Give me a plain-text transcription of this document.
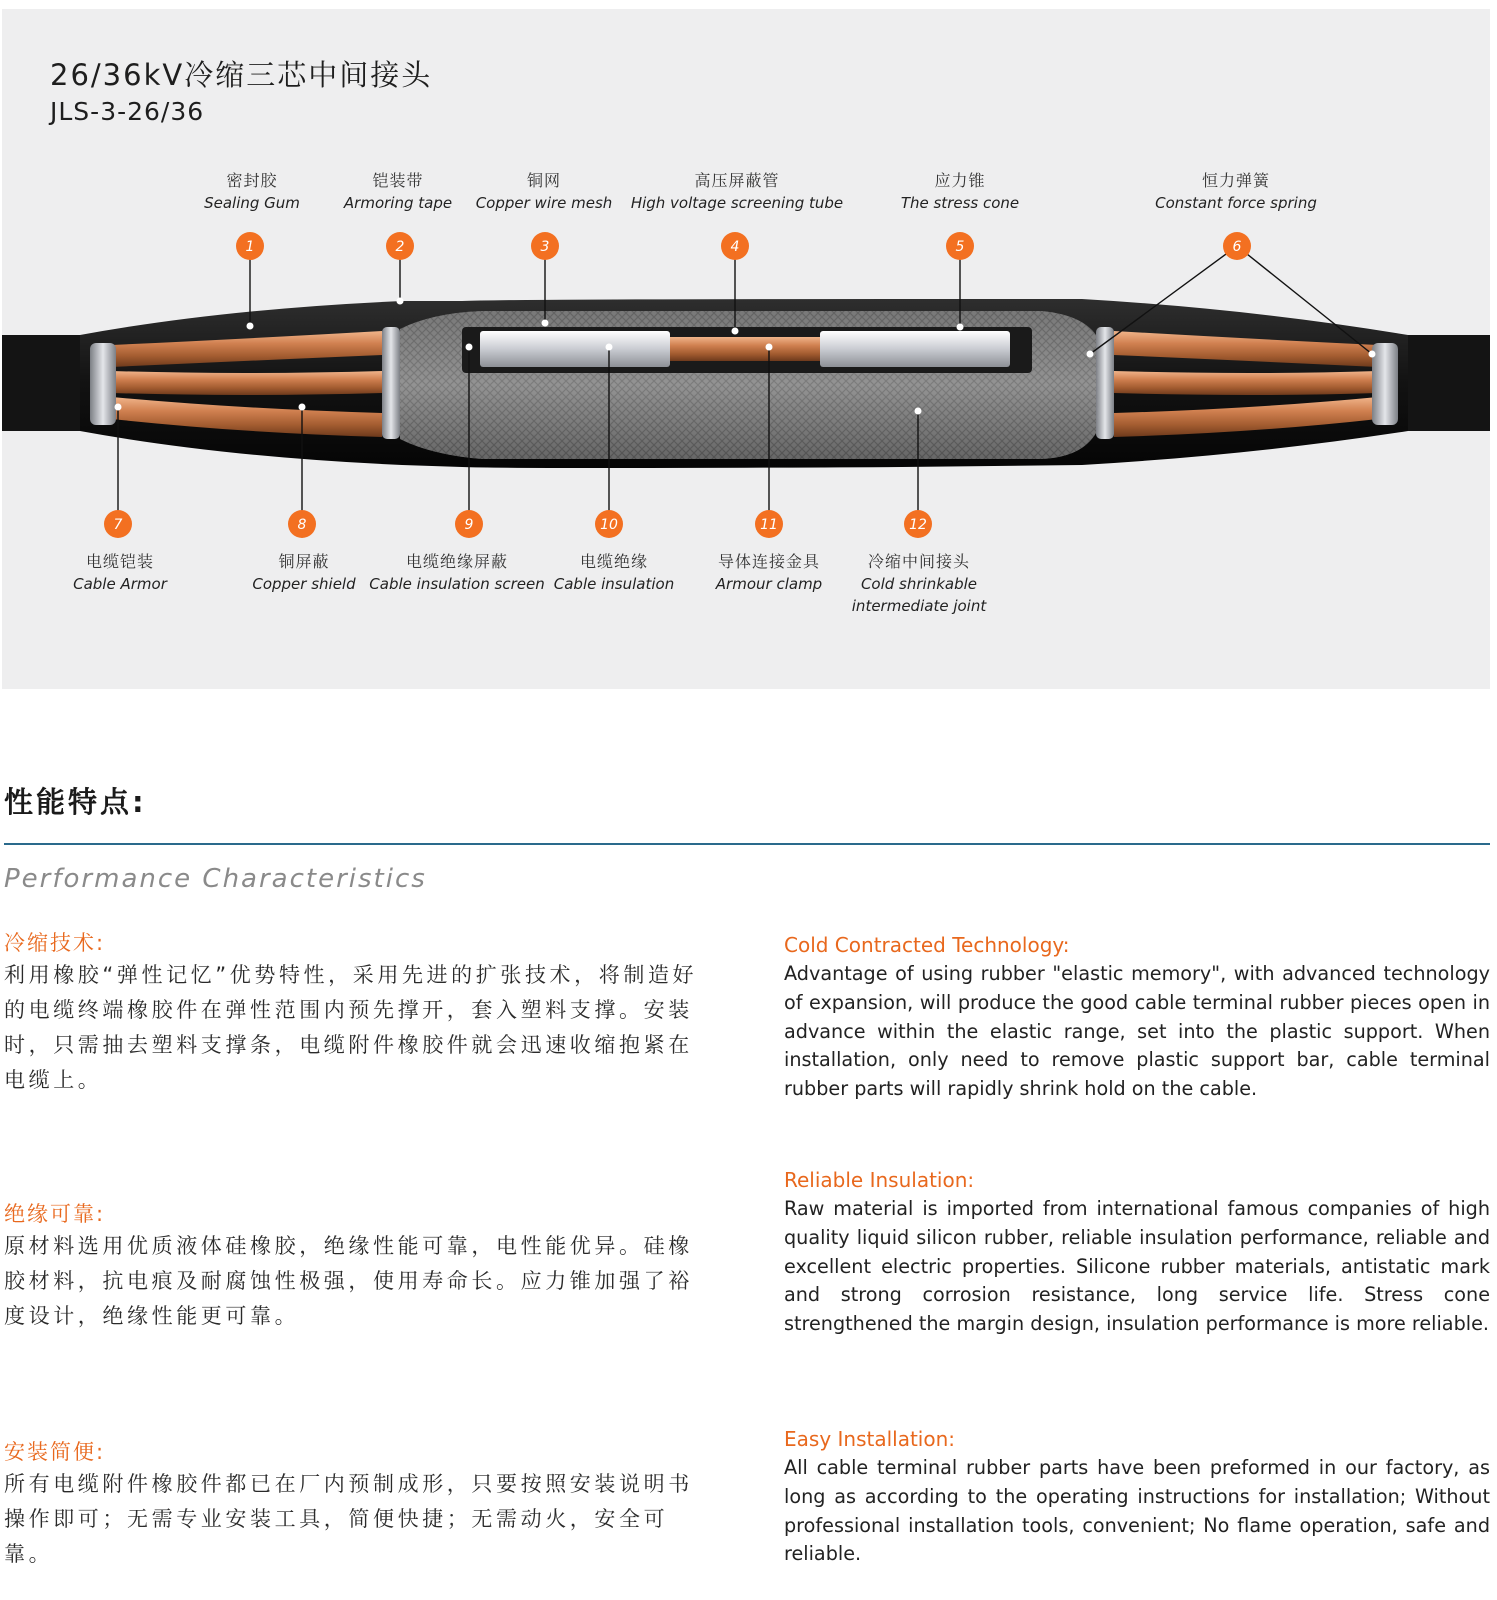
26/36kV冷缩三芯中间接头
JLS-3-26/36
1	2	3	4	5	6
7	8	9	10	11	12
密封胶
Sealing Gum
铠装带
Armoring tape
铜网
Copper wire mesh
高压屏蔽管
High voltage screening tube
应力锥
The stress cone
恒力弹簧
Constant force spring
电缆铠装
Cable Armor
铜屏蔽
Copper shield
电缆绝缘屏蔽
Cable insulation screen
电缆绝缘
Cable insulation
导体连接金具
Armour clamp
冷缩中间接头
Cold shrinkable
intermediate joint
性能特点:
Performance Characteristics
冷缩技术:
利用橡胶“弹性记忆”优势特性，采用先进的扩张技术，将制造好的电缆终端橡胶件在弹性范围内预先撑开，套入塑料支撑。安装时，只需抽去塑料支撑条，电缆附件橡胶件就会迅速收缩抱紧在电缆上。
Cold Contracted Technology:
Advantage of using rubber "elastic memory", with advanced technology of expansion, will produce the good cable terminal rubber pieces open in advance within the elastic range, set into the plastic support. When installation, only need to remove plastic support bar, cable terminal rubber parts will rapidly shrink hold on the cable.
绝缘可靠:
原材料选用优质液体硅橡胶，绝缘性能可靠，电性能优异。硅橡胶材料，抗电痕及耐腐蚀性极强，使用寿命长。应力锥加强了裕度设计，绝缘性能更可靠。
Reliable Insulation:
Raw material is imported from international famous companies of high quality liquid silicon rubber, reliable insulation performance, reliable and excellent electric properties. Silicone rubber materials, antistatic mark and strong corrosion resistance, long service life. Stress cone strengthened the margin design, insulation performance is more reliable.
安装简便:
所有电缆附件橡胶件都已在厂内预制成形，只要按照安装说明书操作即可；无需专业安装工具，简便快捷；无需动火，安全可靠。
Easy Installation:
All cable terminal rubber parts have been preformed in our factory, as long as according to the operating instructions for installation; Without professional installation tools, convenient; No flame operation, safe and reliable.
